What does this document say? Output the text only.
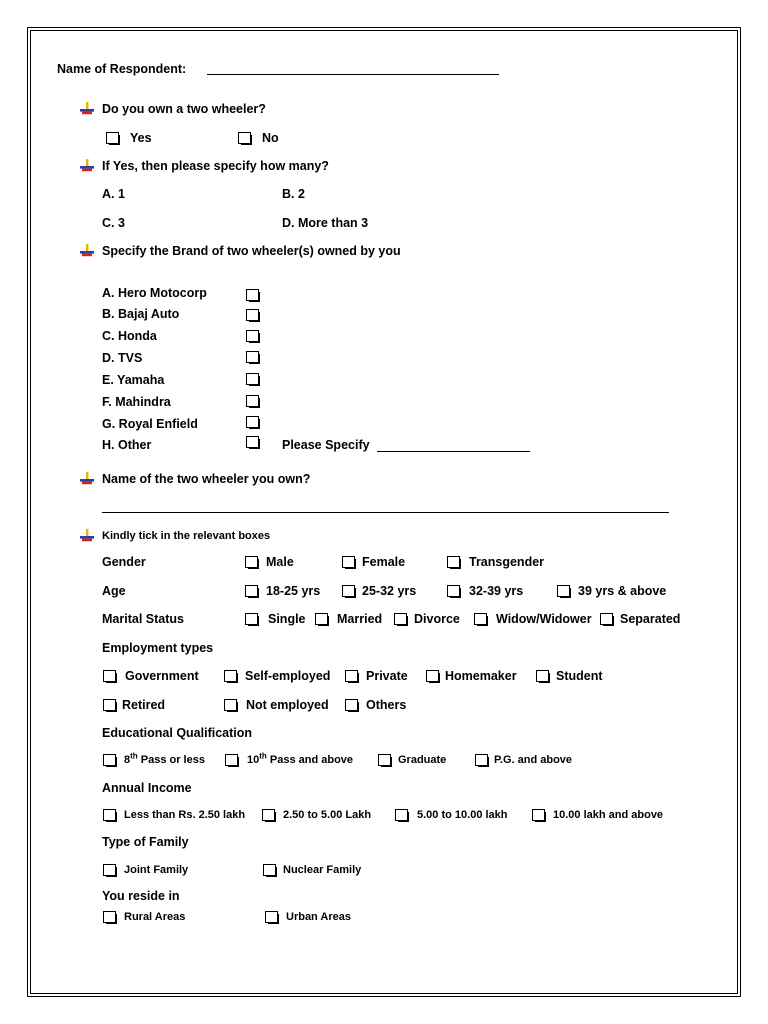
Name of Respondent:
Do you own a two wheeler?
Yes	No
If Yes, then please specify how many?
A. 1	B. 2
C. 3	D. More than 3
Specify the Brand of two wheeler(s) owned by you
A. Hero Motocorp
B. Bajaj Auto
C. Honda
D. TVS
E. Yamaha
F. Mahindra
G. Royal Enfield
H. Other	Please Specify
Name of the two wheeler you own?
Kindly tick in the relevant boxes
Gender	Male	Female	Transgender
Age	18-25 yrs	25-32 yrs	32-39 yrs	39 yrs & above
Marital Status	Single	Married	Divorce	Widow/Widower Separated
Employment types
Government	Self-employed	Private	Homemaker	Student
Retired	Not employed	Others
Educational Qualification
8th Pass or less	10th Pass and above	Graduate	P.G. and above
Annual Income
Less than Rs. 2.50 lakh	2.50 to 5.00 Lakh	5.00 to 10.00 lakh	10.00 lakh and above
Type of Family
Joint Family	Nuclear Family
You reside in
Rural Areas	Urban Areas
